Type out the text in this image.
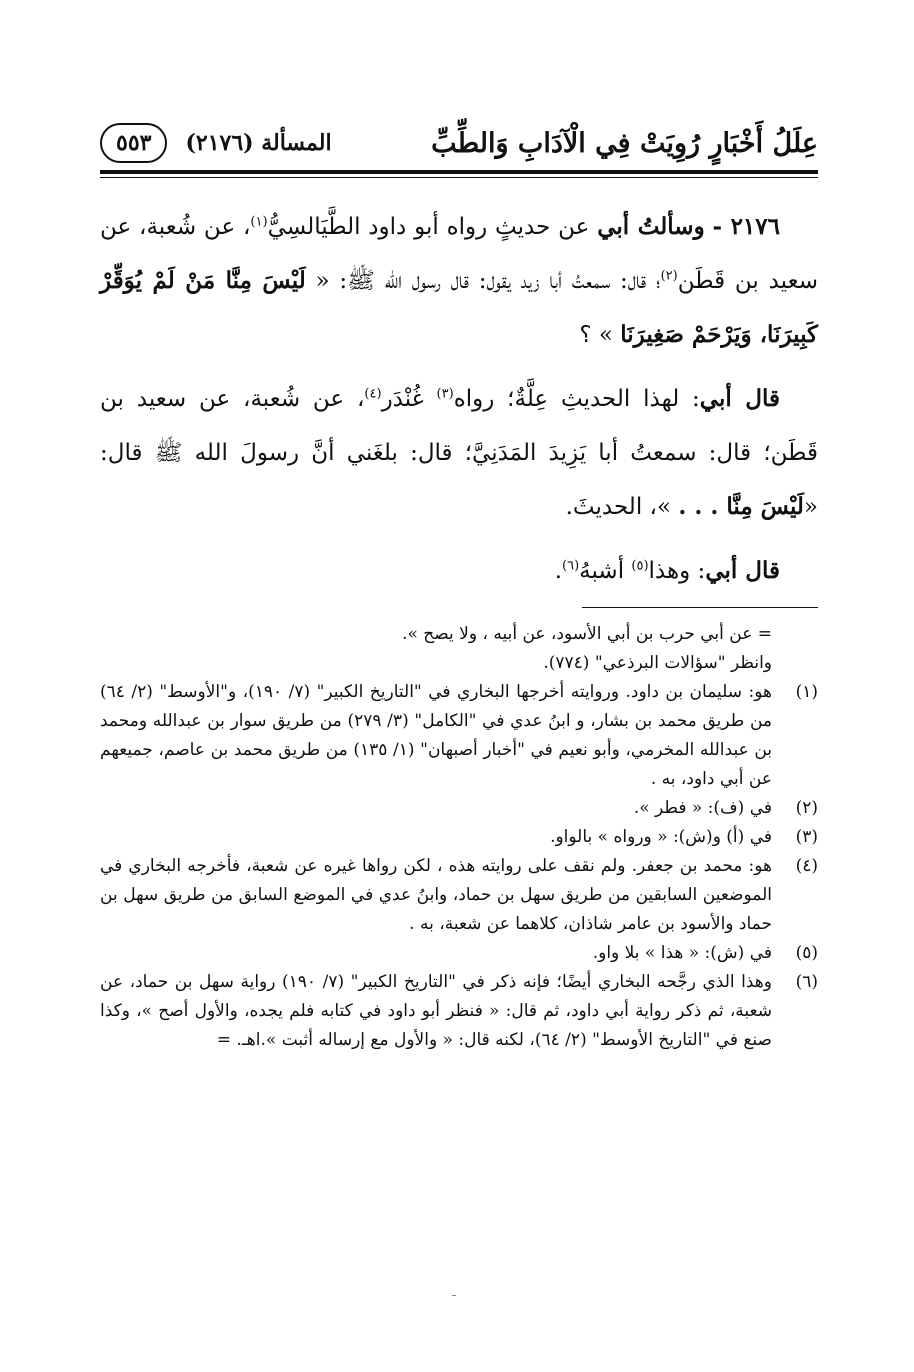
عِلَلُ أَخْبَارٍ رُوِيَتْ فِي الْآدَابِ وَالطِّبِّ
المسألة (٢١٧٦)
٥٥٣

٢١٧٦ - وسألتُ أبي عن حديثٍ رواه أبو داود الطَّيَالسِيُّ$^{(١)}$، عن شُعبة، عن سعيد بن قَطَن$^{(٢)}$؛ قال: سمعتُ أبا زيد يقول: قال رسول الله ﷺ: « لَيْسَ مِنَّا مَنْ لَمْ يُوَقِّرْ كَبِيرَنَا، وَيَرْحَمْ صَغِيرَنَا » ؟

قال أبي: لهذا الحديثِ عِلَّةٌ؛ رواه$^{(٣)}$ غُنْدَر$^{(٤)}$، عن شُعبة، عن سعيد بن قَطَن؛ قال: سمعتُ أبا يَزِيدَ المَدَنِيَّ؛ قال: بلغَني أنَّ رسولَ الله ﷺ قال: «لَيْسَ مِنَّا . . . »، الحديثَ.

قال أبي: وهذا$^{(٥)}$ أشبهُ$^{(٦)}$.

= عن أبي حرب بن أبي الأسود، عن أبيه ، ولا يصح ».
وانظر "سؤالات البرذعي" (٧٧٤).
(١)
هو: سليمان بن داود. وروايته أخرجها البخاري في "التاريخ الكبير" (٧/ ١٩٠)، و"الأوسط" (٢/ ٦٤) من طريق محمد بن بشار، و ابنُ عدي في "الكامل" (٣/ ٢٧٩) من طريق سوار بن عبدالله ومحمد بن عبدالله المخرمي، وأبو نعيم في "أخبار أصبهان" (١/ ١٣٥) من طريق محمد بن عاصم، جميعهم عن أبي داود، به .
(٢)
في (ف): « فطر ».
(٣)
في (أ) و(ش): « ورواه » بالواو.
(٤)
هو: محمد بن جعفر. ولم نقف على روايته هذه ، لكن رواها غيره عن شعبة، فأخرجه البخاري في الموضعين السابقين من طريق سهل بن حماد، وابنُ عدي في الموضع السابق من طريق سهل بن حماد والأسود بن عامر شاذان، كلاهما عن شعبة، به .
(٥)
في (ش): « هذا » بلا واو.
(٦)
وهذا الذي رجَّحه البخاري أيضًا؛ فإنه ذكر في "التاريخ الكبير" (٧/ ١٩٠) رواية سهل بن حماد، عن شعبة، ثم ذكر رواية أبي داود، ثم قال: « فنظر أبو داود في كتابه فلم يجده، والأول أصح »، وكذا صنع في "التاريخ الأوسط" (٢/ ٦٤)، لكنه قال: « والأول مع إرساله أثبت ».اهـ. =
